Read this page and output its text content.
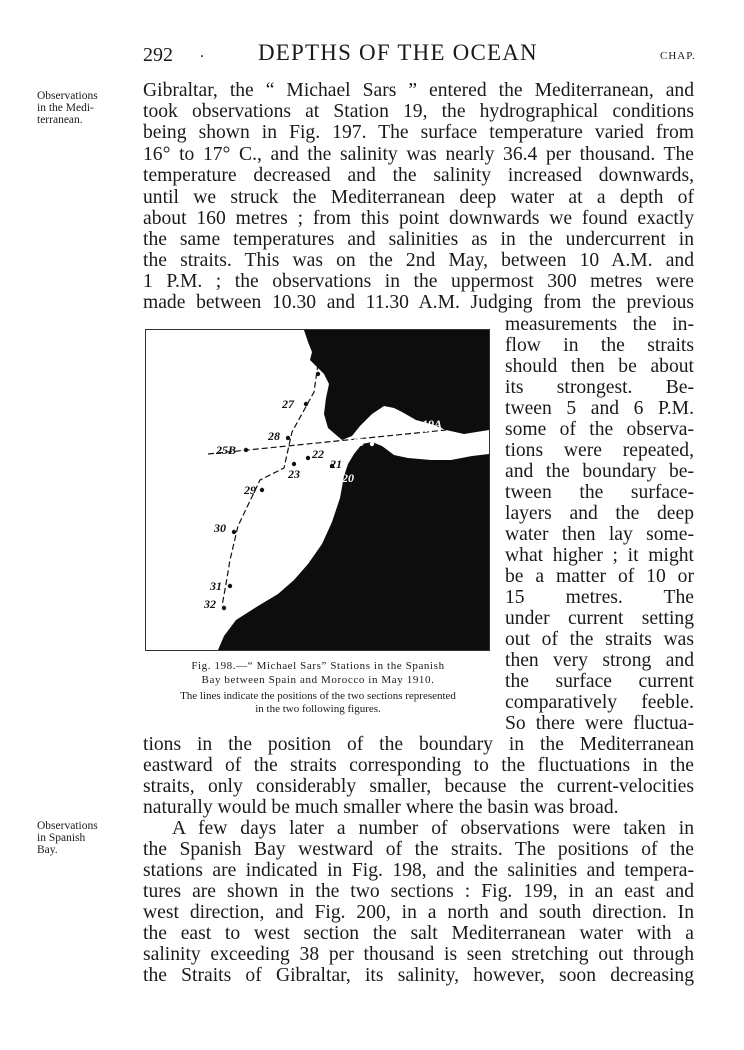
292 . DEPTHS OF THE OCEAN	CHAP.
Observations
in the Medi-
terranean.
Observations
in Spanish
Bay.
Gibraltar, the “ Michael Sars ” entered the Mediterranean, and
took observations at Station 19, the hydrographical conditions
being shown in Fig. 197. The surface temperature varied from
16° to 17° C., and the salinity was nearly 36.4 per thousand. The
temperature decreased and the salinity increased downwards,
until we struck the Mediterranean deep water at a depth of
about 160 metres ; from this point downwards we found exactly
the same temperatures and salinities as in the undercurrent in
the straits. This was on the 2nd May, between 10 A.M. and
1 P.M. ; the observations in the uppermost 300 metres were
made between 10.30 and 11.30 A.M. Judging from the previous
measurements the in-
flow in the straits
should then be about
its strongest. Be-
tween 5 and 6 P.M.
some of the observa-
tions were repeated,
and the boundary be-
tween the surface-
layers and the deep
water then lay some-
what higher ; it might
be a matter of 10 or
15 metres. The
under current setting
out of the straits was
then very strong and
the surface current
comparatively feeble.
So there were fluctua-
26
27
28
25B	22
18
19A
21
23	20
29
30
31
32
Fig. 198.—“ Michael Sars” Stations in the Spanish
Bay between Spain and Morocco in May 1910.
The lines indicate the positions of the two sections represented
in the two following figures.
tions in the position of the boundary in the Mediterranean
eastward of the straits corresponding to the fluctuations in the
straits, only considerably smaller, because the current-velocities
naturally would be much smaller where the basin was broad.
A few days later a number of observations were taken in
the Spanish Bay westward of the straits. The positions of the
stations are indicated in Fig. 198, and the salinities and tempera-
tures are shown in the two sections : Fig. 199, in an east and
west direction, and Fig. 200, in a north and south direction. In
the east to west section the salt Mediterranean water with a
salinity exceeding 38 per thousand is seen stretching out through
the Straits of Gibraltar, its salinity, however, soon decreasing
